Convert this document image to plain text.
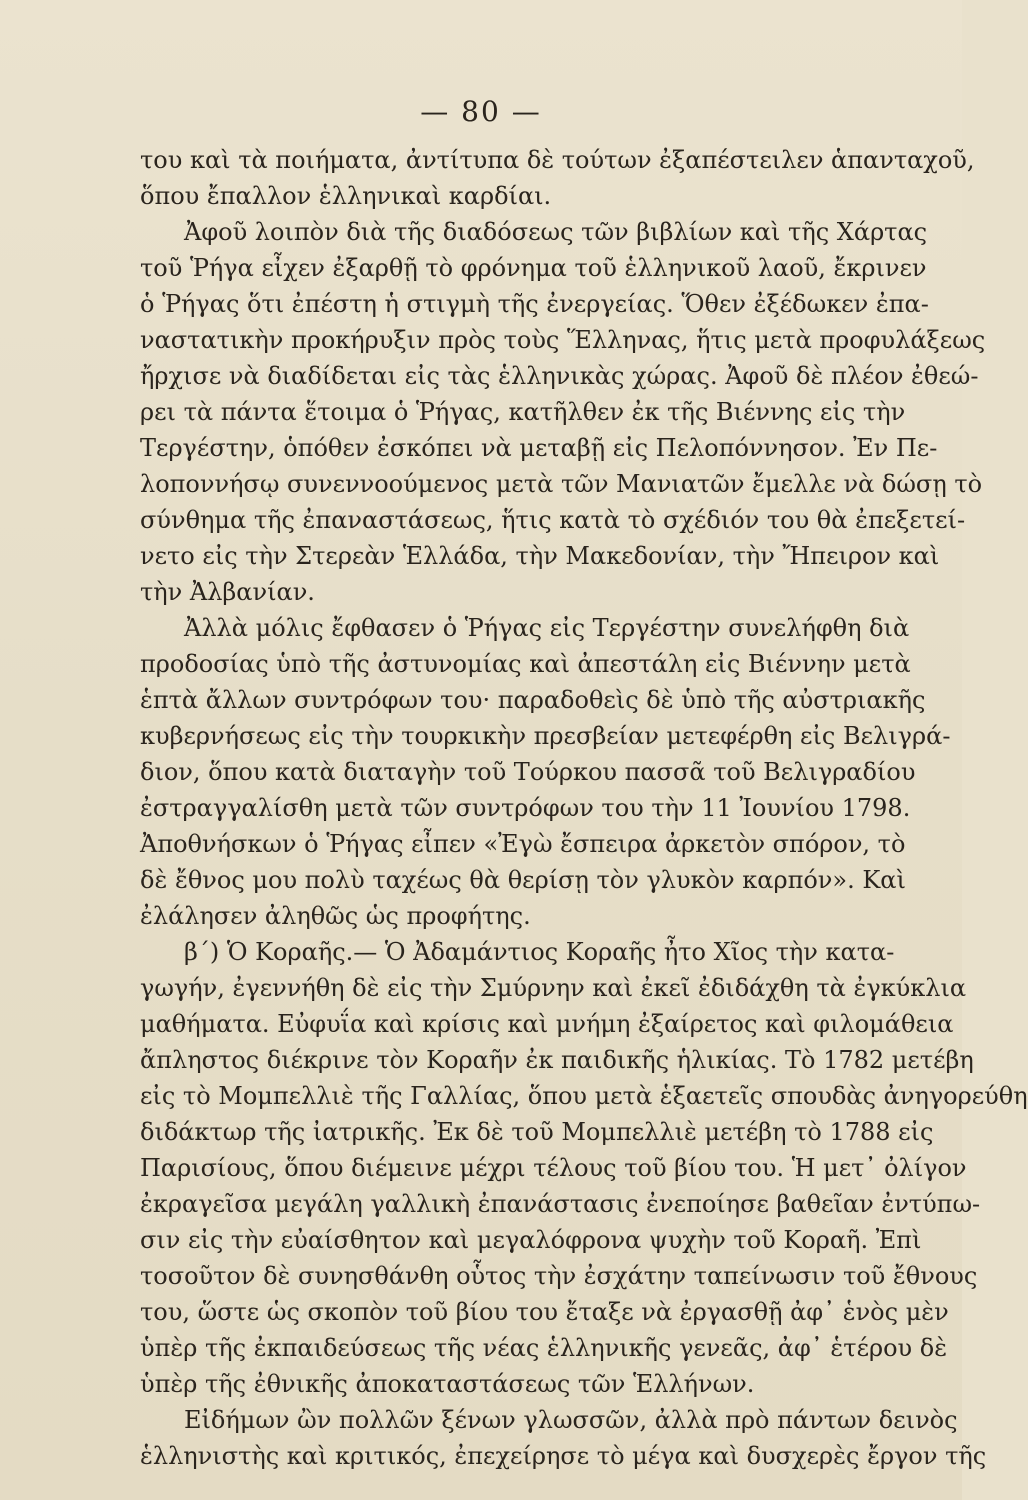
— 80 —
του καὶ τὰ ποιήματα, ἀντίτυπα δὲ τούτων ἐξαπέστειλεν ἁπανταχοῦ,
ὅπου ἔπαλλον ἑλληνικαὶ καρδίαι.
Ἀφοῦ λοιπὸν διὰ τῆς διαδόσεως τῶν βιβλίων καὶ τῆς Χάρτας
τοῦ Ῥήγα εἶχεν ἐξαρθῇ τὸ φρόνημα τοῦ ἑλληνικοῦ λαοῦ, ἔκρινεν
ὁ Ῥήγας ὅτι ἐπέστη ἡ στιγμὴ τῆς ἐνεργείας. Ὅθεν ἐξέδωκεν ἐπα-
ναστατικὴν προκήρυξιν πρὸς τοὺς Ἕλληνας, ἥτις μετὰ προφυλάξεως
ἤρχισε νὰ διαδίδεται εἰς τὰς ἑλληνικὰς χώρας. Ἀφοῦ δὲ πλέον ἐθεώ-
ρει τὰ πάντα ἕτοιμα ὁ Ῥήγας, κατῆλθεν ἐκ τῆς Βιέννης εἰς τὴν
Τεργέστην, ὁπόθεν ἐσκόπει νὰ μεταβῇ εἰς Πελοπόννησον. Ἐν Πε-
λοποννήσῳ συνεννοούμενος μετὰ τῶν Μανιατῶν ἔμελλε νὰ δώσῃ τὸ
σύνθημα τῆς ἐπαναστάσεως, ἥτις κατὰ τὸ σχέδιόν του θὰ ἐπεξετεί-
νετο εἰς τὴν Στερεὰν Ἑλλάδα, τὴν Μακεδονίαν, τὴν Ἤπειρον καὶ
τὴν Ἀλβανίαν.
Ἀλλὰ μόλις ἔφθασεν ὁ Ῥήγας εἰς Τεργέστην συνελήφθη διὰ
προδοσίας ὑπὸ τῆς ἀστυνομίας καὶ ἀπεστάλη εἰς Βιέννην μετὰ
ἑπτὰ ἄλλων συντρόφων του· παραδοθεὶς δὲ ὑπὸ τῆς αὐστριακῆς
κυβερνήσεως εἰς τὴν τουρκικὴν πρεσβείαν μετεφέρθη εἰς Βελιγρά-
διον, ὅπου κατὰ διαταγὴν τοῦ Τούρκου πασσᾶ τοῦ Βελιγραδίου
ἐστραγγαλίσθη μετὰ τῶν συντρόφων του τὴν 11 Ἰουνίου 1798.
Ἀποθνήσκων ὁ Ῥήγας εἶπεν «Ἐγὼ ἔσπειρα ἀρκετὸν σπόρον, τὸ
δὲ ἔθνος μου πολὺ ταχέως θὰ θερίσῃ τὸν γλυκὸν καρπόν». Καὶ
ἐλάλησεν ἀληθῶς ὡς προφήτης.
β΄) Ὁ Κοραῆς.— Ὁ Ἀδαμάντιος Κοραῆς ἦτο Χῖος τὴν κατα-
γωγήν, ἐγεννήθη δὲ εἰς τὴν Σμύρνην καὶ ἐκεῖ ἐδιδάχθη τὰ ἐγκύκλια
μαθήματα. Εὐφυΐα καὶ κρίσις καὶ μνήμη ἐξαίρετος καὶ φιλομάθεια
ἄπληστος διέκρινε τὸν Κοραῆν ἐκ παιδικῆς ἡλικίας. Τὸ 1782 μετέβη
εἰς τὸ Μομπελλιὲ τῆς Γαλλίας, ὅπου μετὰ ἑξαετεῖς σπουδὰς ἀνηγορεύθη
διδάκτωρ τῆς ἰατρικῆς. Ἐκ δὲ τοῦ Μομπελλιὲ μετέβη τὸ 1788 εἰς
Παρισίους, ὅπου διέμεινε μέχρι τέλους τοῦ βίου του. Ἡ μετ᾽ ὀλίγον
ἐκραγεῖσα μεγάλη γαλλικὴ ἐπανάστασις ἐνεποίησε βαθεῖαν ἐντύπω-
σιν εἰς τὴν εὐαίσθητον καὶ μεγαλόφρονα ψυχὴν τοῦ Κοραῆ. Ἐπὶ
τοσοῦτον δὲ συνησθάνθη οὗτος τὴν ἐσχάτην ταπείνωσιν τοῦ ἔθνους
του, ὥστε ὡς σκοπὸν τοῦ βίου του ἔταξε νὰ ἐργασθῇ ἀφ᾽ ἑνὸς μὲν
ὑπὲρ τῆς ἐκπαιδεύσεως τῆς νέας ἑλληνικῆς γενεᾶς, ἀφ᾽ ἑτέρου δὲ
ὑπὲρ τῆς ἐθνικῆς ἀποκαταστάσεως τῶν Ἑλλήνων.
Εἰδήμων ὢν πολλῶν ξένων γλωσσῶν, ἀλλὰ πρὸ πάντων δεινὸς
ἑλληνιστὴς καὶ κριτικός, ἐπεχείρησε τὸ μέγα καὶ δυσχερὲς ἔργον τῆς
